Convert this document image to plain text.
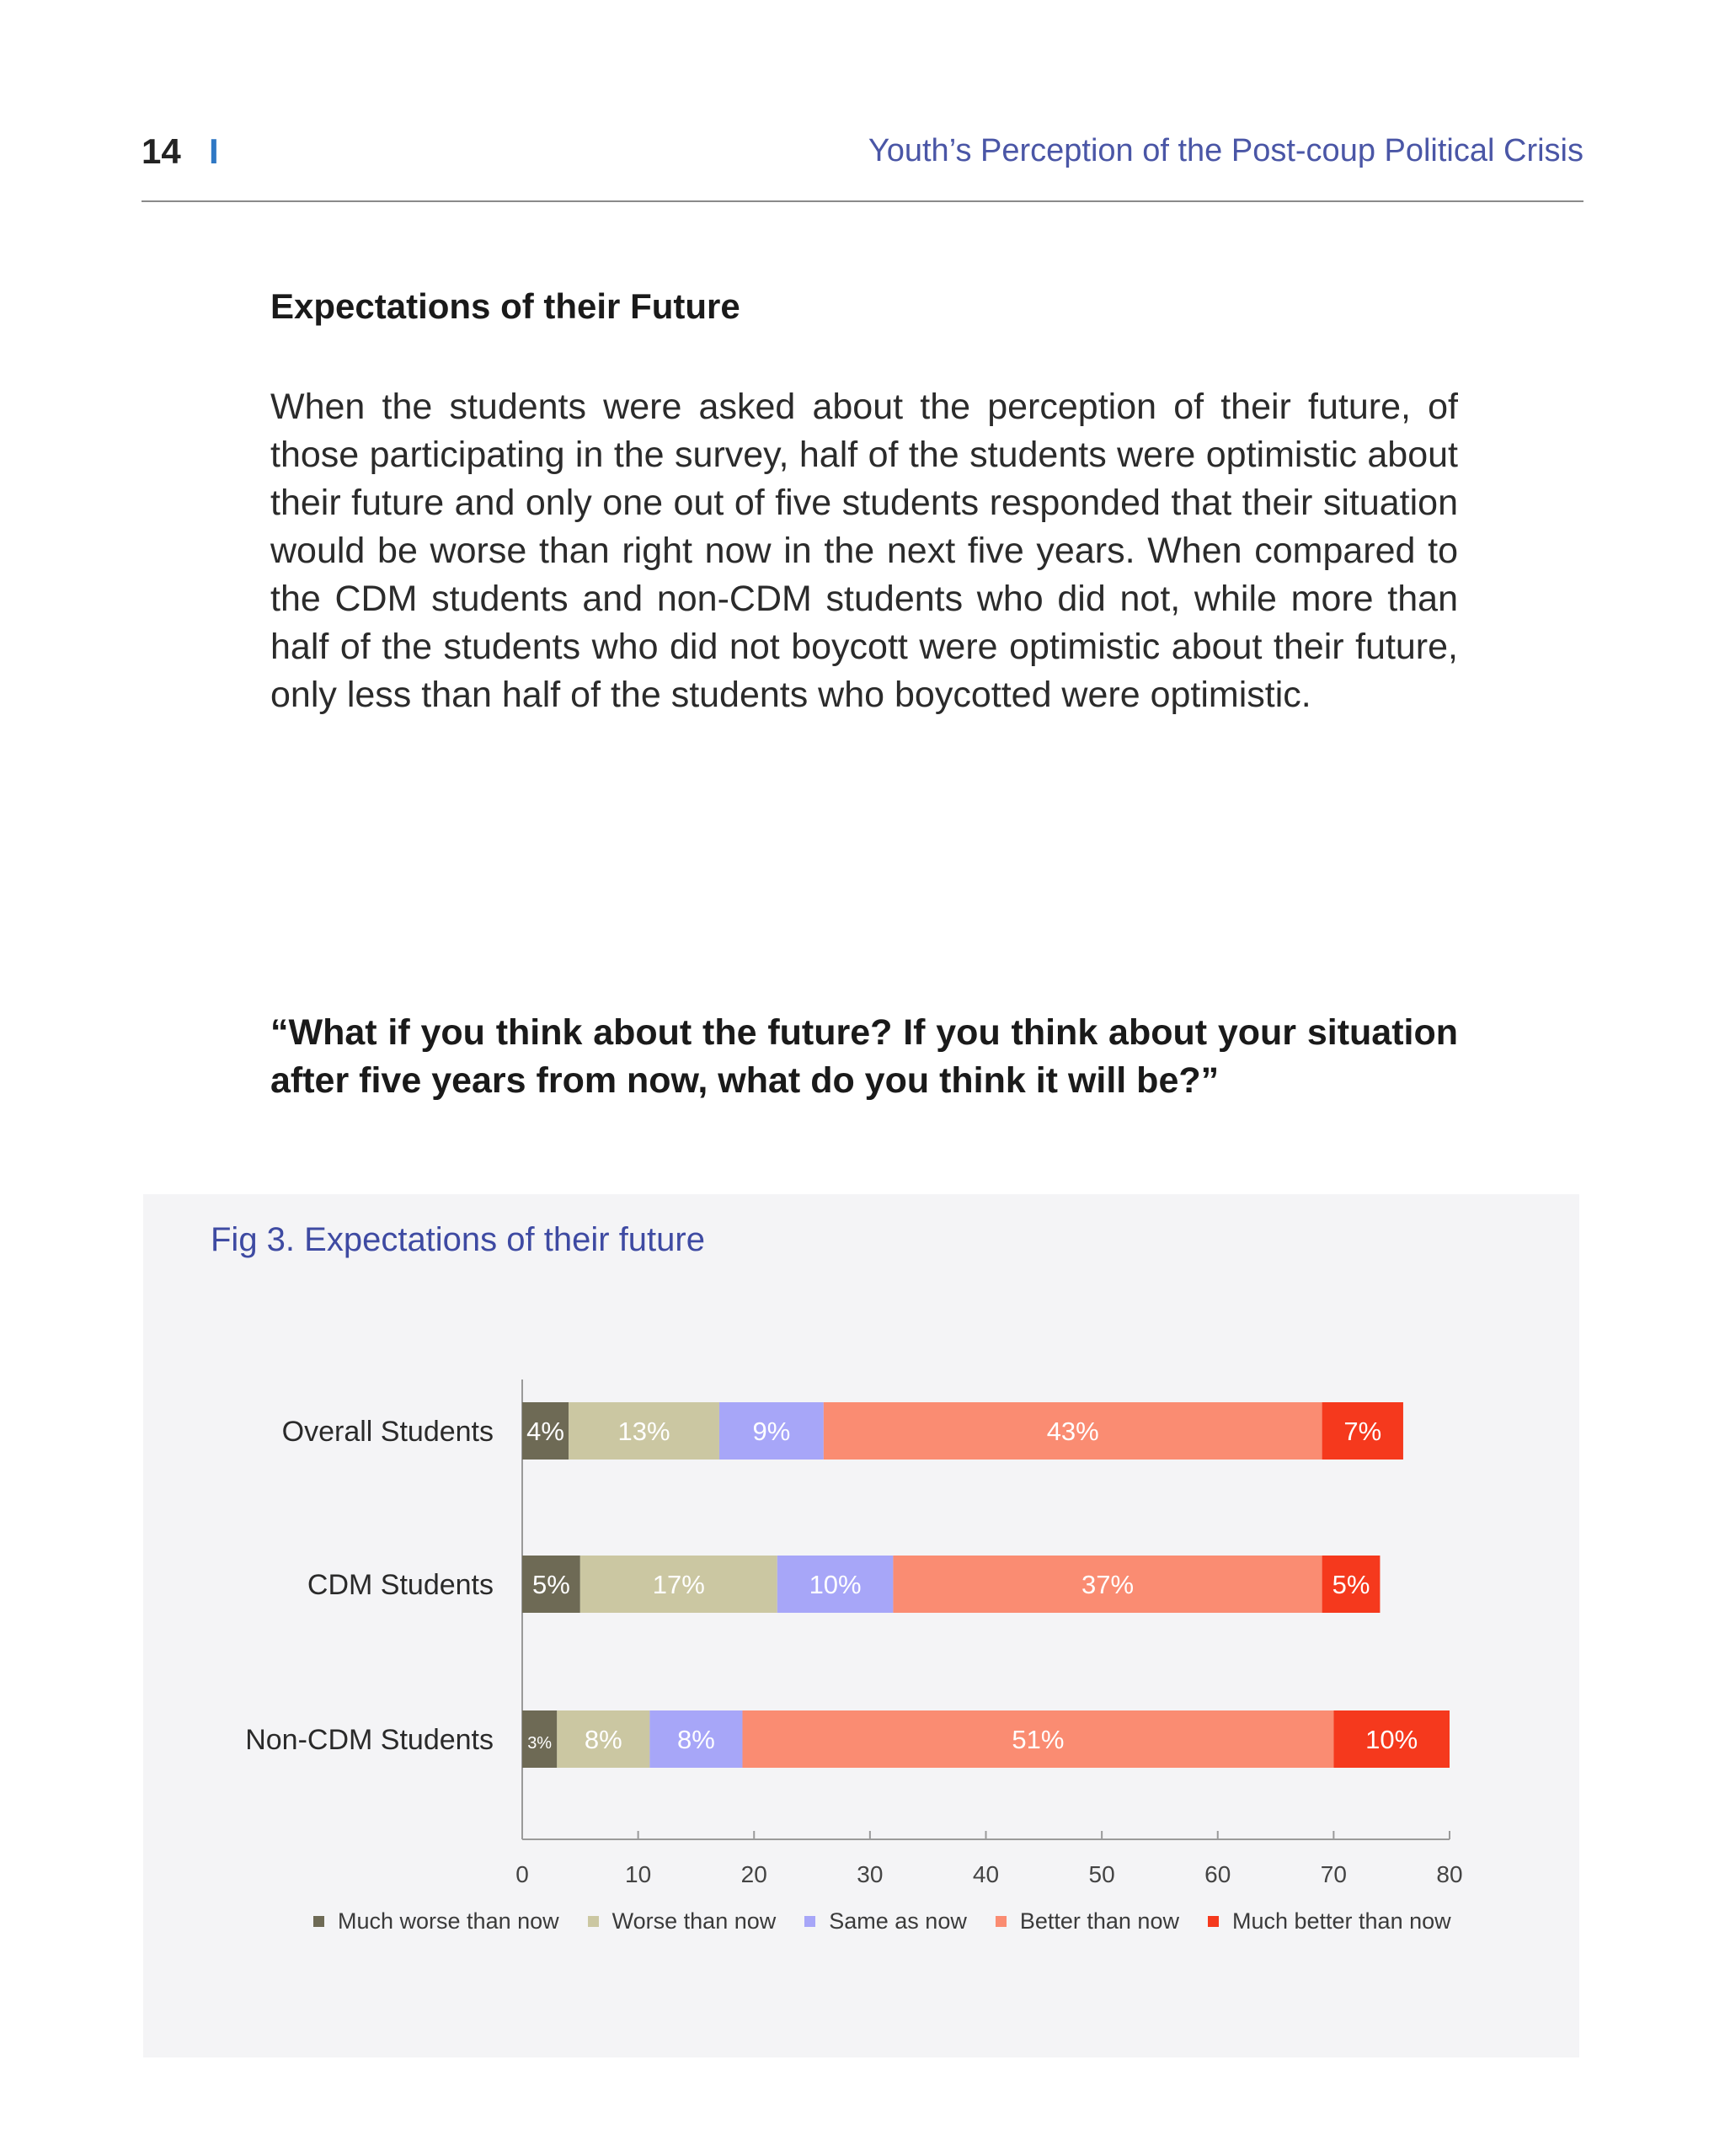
14 I	Youth’s Perception of the Post-coup Political Crisis
Expectations of their Future

When the students were asked about the perception of their future, of those participating in the survey, half of the students were optimistic about their future and only one out of five students responded that their situation would be worse than right now in the next five years. When compared to the CDM students and non-CDM students who did not, while more than half of the students who did not boycott were optimistic about their future, only less than half of the students who boycotted were optimistic.

“What if you think about the future? If you think about your situation after five years from now, what do you think it will be?”

Fig 3. Expectations of their future

0	10	20	30	40	50	60	70	80
Overall Students 4% 13%	9%	43%	7%
CDM Students 5%	17%	10%	37%	5%
Non-CDM Students 3% 8% 8%	51%	10%
Much worse than now Worse than now Same as now Better than now Much better than now
